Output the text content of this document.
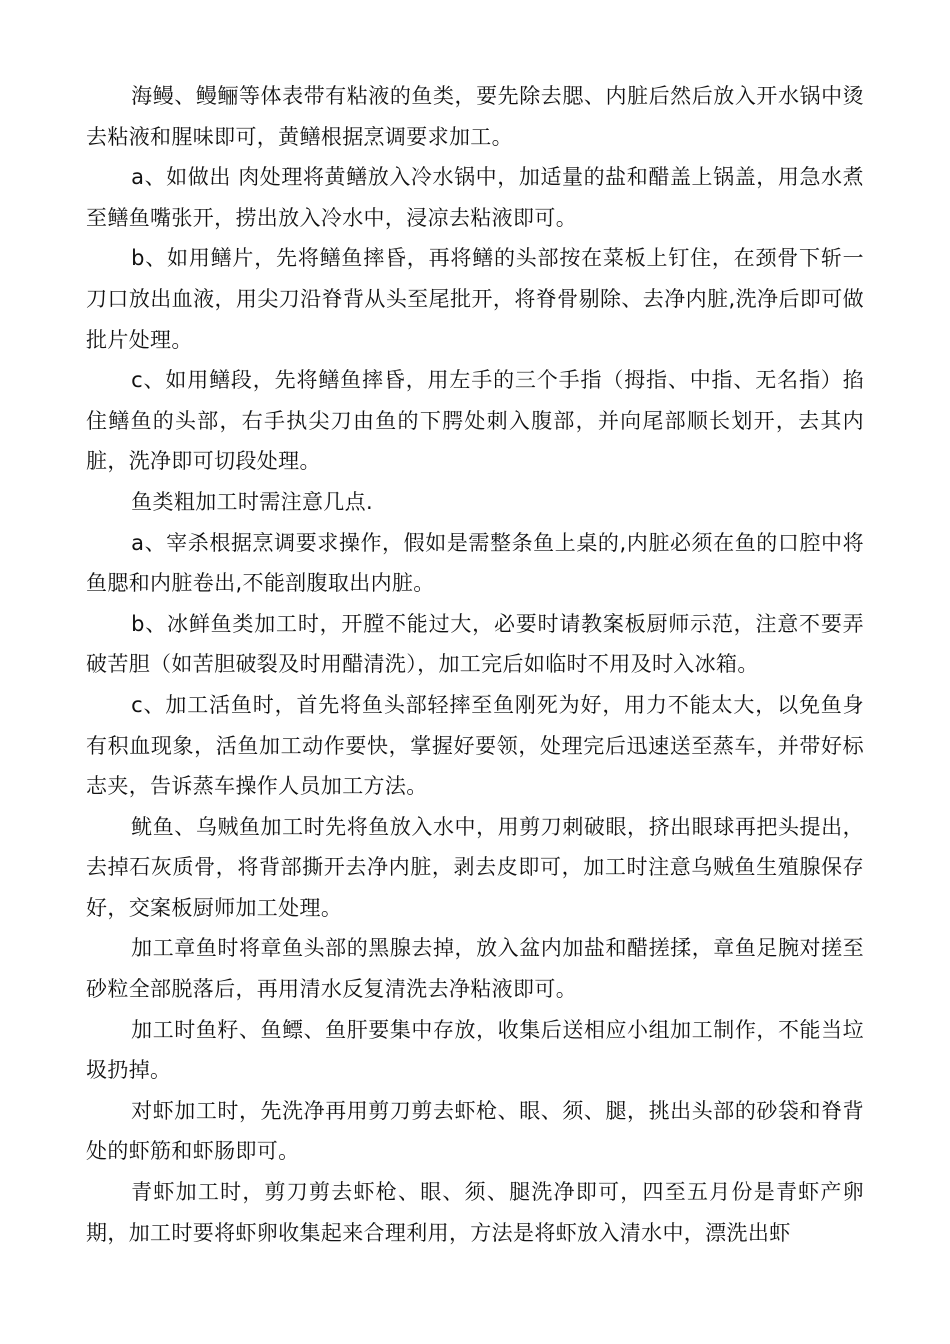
海鳗、鳗鲡等体表带有粘液的鱼类，要先除去腮、内脏后然后放入开水锅中烫去粘液和腥味即可，黄鳝根据烹调要求加工。

a、如做出 肉处理将黄鳝放入冷水锅中，加适量的盐和醋盖上锅盖，用急水煮至鳝鱼嘴张开，捞出放入冷水中，浸凉去粘液即可。

b、如用鳝片，先将鳝鱼摔昏，再将鳝的头部按在菜板上钉住，在颈骨下斩一刀口放出血液，用尖刀沿脊背从头至尾批开，将脊骨剔除、去净内脏,洗净后即可做批片处理。

c、如用鳝段，先将鳝鱼摔昏，用左手的三个手指（拇指、中指、无名指）掐住鳝鱼的头部，右手执尖刀由鱼的下腭处刺入腹部，并向尾部顺长划开，去其内脏，洗净即可切段处理。

鱼类粗加工时需注意几点.

a、宰杀根据烹调要求操作，假如是需整条鱼上桌的,内脏必须在鱼的口腔中将鱼腮和内脏卷出,不能剖腹取出内脏。

b、冰鲜鱼类加工时，开膛不能过大，必要时请教案板厨师示范，注意不要弄破苦胆（如苦胆破裂及时用醋清洗），加工完后如临时不用及时入冰箱。

c、加工活鱼时，首先将鱼头部轻摔至鱼刚死为好，用力不能太大，以免鱼身有积血现象，活鱼加工动作要快，掌握好要领，处理完后迅速送至蒸车，并带好标志夹，告诉蒸车操作人员加工方法。

鱿鱼、乌贼鱼加工时先将鱼放入水中，用剪刀刺破眼，挤出眼球再把头提出，去掉石灰质骨，将背部撕开去净内脏，剥去皮即可，加工时注意乌贼鱼生殖腺保存好，交案板厨师加工处理。

加工章鱼时将章鱼头部的黑腺去掉，放入盆内加盐和醋搓揉，章鱼足腕对搓至砂粒全部脱落后，再用清水反复清洗去净粘液即可。

加工时鱼籽、鱼鳔、鱼肝要集中存放，收集后送相应小组加工制作，不能当垃圾扔掉。

对虾加工时，先洗净再用剪刀剪去虾枪、眼、须、腿，挑出头部的砂袋和脊背处的虾筋和虾肠即可。

青虾加工时，剪刀剪去虾枪、眼、须、腿洗净即可，四至五月份是青虾产卵期，加工时要将虾卵收集起来合理利用，方法是将虾放入清水中，漂洗出虾
